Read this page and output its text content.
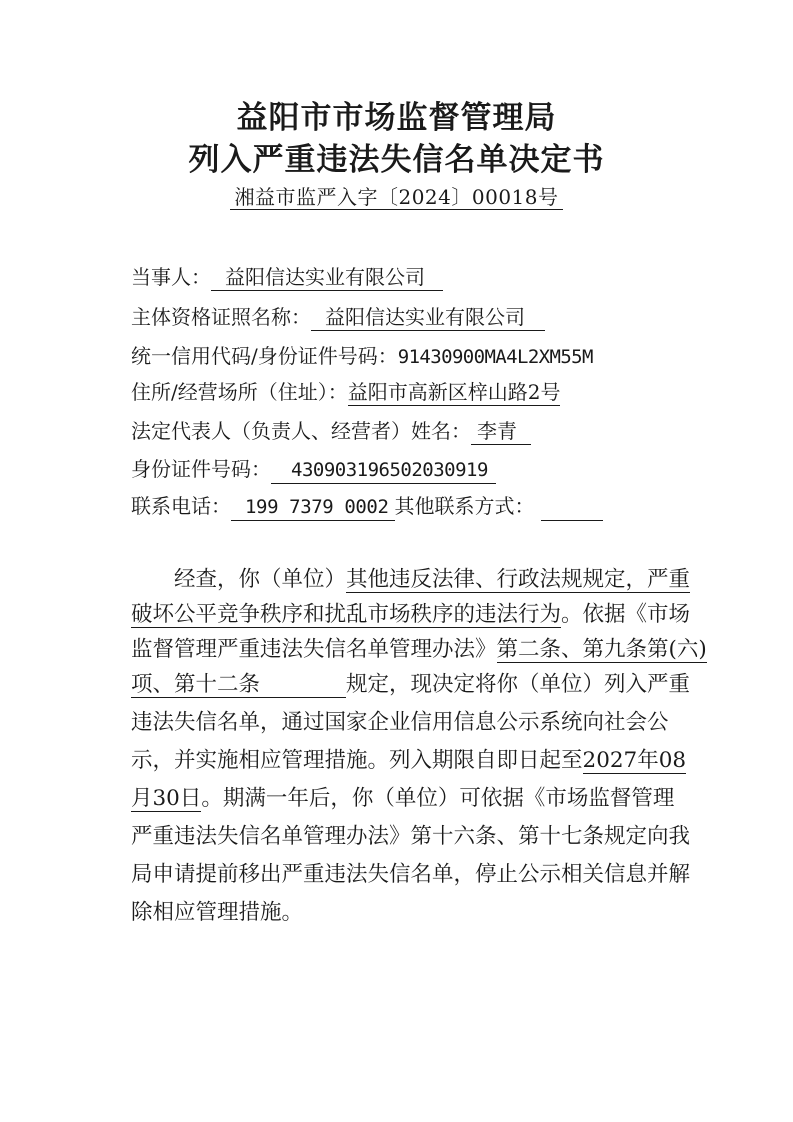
益阳市市场监督管理局
列入严重违法失信名单决定书
湘益市监严入字〔2024〕00018号
当事人： 益阳信达实业有限公司
主体资格证照名称： 益阳信达实业有限公司
统一信用代码/身份证件号码：91430900MA4L2XM55M
住所/经营场所（住址）：益阳市高新区梓山路2号
法定代表人（负责人、经营者）姓名： 李青
身份证件号码： 430903196502030919
联系电话： 199 7379 0002 其他联系方式：
经查，你（单位）其他违反法律、行政法规规定，严重
破坏公平竞争秩序和扰乱市场秩序的违法行为。依据《市场
监督管理严重违法失信名单管理办法》第二条、第九条第(六)
项、第十二条	规定，现决定将你（单位）列入严重
违法失信名单，通过国家企业信用信息公示系统向社会公
示，并实施相应管理措施。列入期限自即日起至2027年08
月30日。期满一年后，你（单位）可依据《市场监督管理
严重违法失信名单管理办法》第十六条、第十七条规定向我
局申请提前移出严重违法失信名单，停止公示相关信息并解
除相应管理措施。
